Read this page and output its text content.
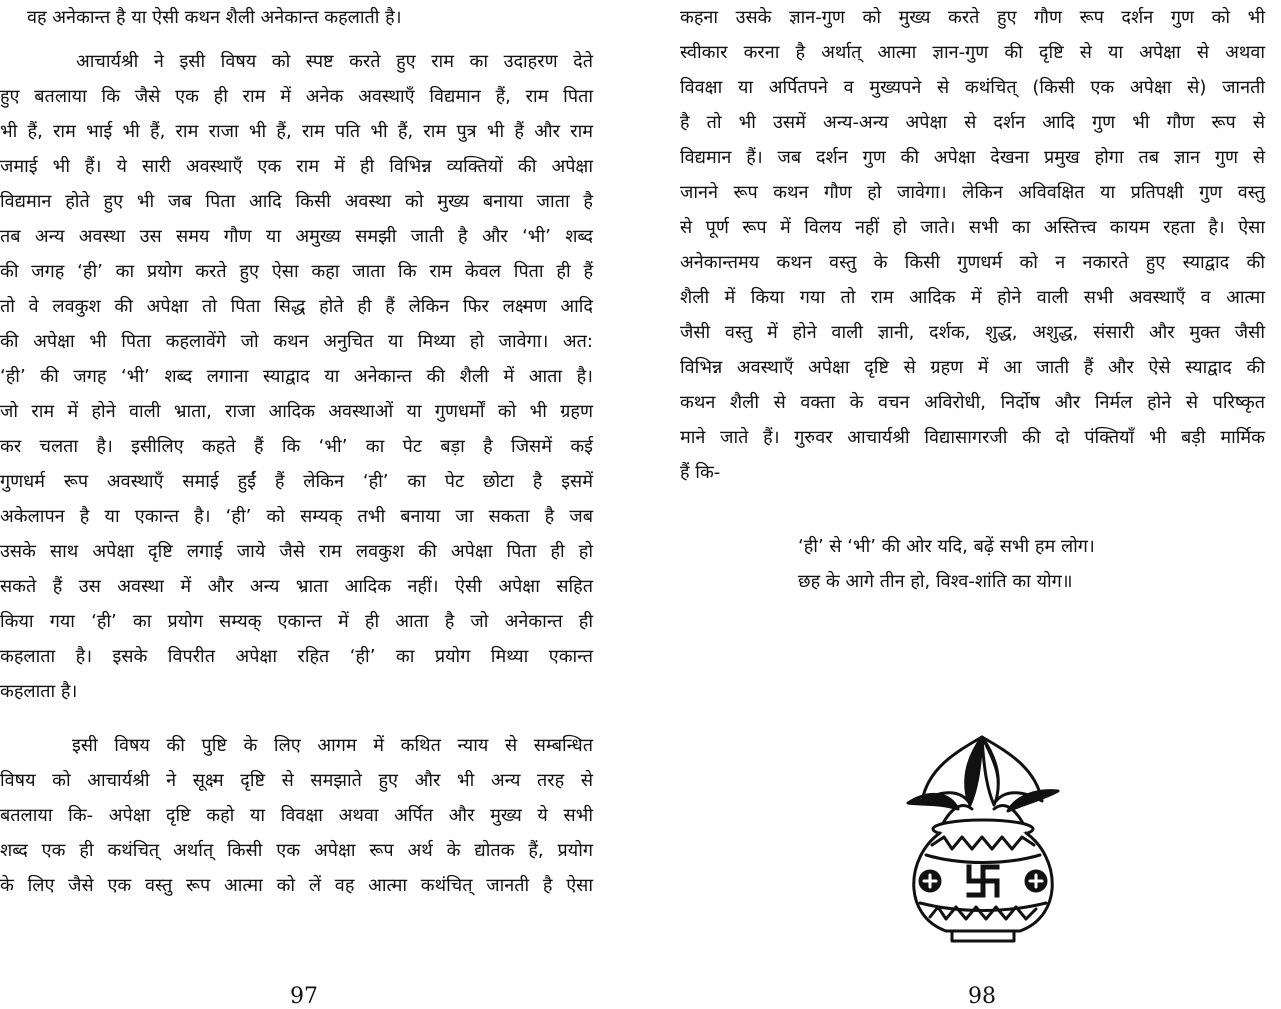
वह अनेकान्त है या ऐसी कथन शैली अनेकान्त कहलाती है।
आचार्यश्री ने इसी विषय को स्पष्ट करते हुए राम का उदाहरण देते
हुए बतलाया कि जैसे एक ही राम में अनेक अवस्थाएँ विद्यमान हैं, राम पिता
भी हैं, राम भाई भी हैं, राम राजा भी हैं, राम पति भी हैं, राम पुत्र भी हैं और राम
जमाई भी हैं। ये सारी अवस्थाएँ एक राम में ही विभिन्न व्यक्तियों की अपेक्षा
विद्यमान होते हुए भी जब पिता आदि किसी अवस्था को मुख्य बनाया जाता है
तब अन्य अवस्था उस समय गौण या अमुख्य समझी जाती है और ‘भी’ शब्द
की जगह ‘ही’ का प्रयोग करते हुए ऐसा कहा जाता कि राम केवल पिता ही हैं
तो वे लवकुश की अपेक्षा तो पिता सिद्ध होते ही हैं लेकिन फिर लक्ष्मण आदि
की अपेक्षा भी पिता कहलावेंगे जो कथन अनुचित या मिथ्या हो जावेगा। अत:
‘ही’ की जगह ‘भी’ शब्द लगाना स्याद्वाद या अनेकान्त की शैली में आता है।
जो राम में होने वाली भ्राता, राजा आदिक अवस्थाओं या गुणधर्मों को भी ग्रहण
कर चलता है। इसीलिए कहते हैं कि ‘भी’ का पेट बड़ा है जिसमें कई
गुणधर्म रूप अवस्थाएँ समाई हुईं हैं लेकिन ‘ही’ का पेट छोटा है इसमें
अकेलापन है या एकान्त है। ‘ही’ को सम्यक् तभी बनाया जा सकता है जब
उसके साथ अपेक्षा दृष्टि लगाई जाये जैसे राम लवकुश की अपेक्षा पिता ही हो
सकते हैं उस अवस्था में और अन्य भ्राता आदिक नहीं। ऐसी अपेक्षा सहित
किया गया ‘ही’ का प्रयोग सम्यक् एकान्त में ही आता है जो अनेकान्त ही
कहलाता है। इसके विपरीत अपेक्षा रहित ‘ही’ का प्रयोग मिथ्या एकान्त
कहलाता है।
इसी विषय की पुष्टि के लिए आगम में कथित न्याय से सम्बन्धित
विषय को आचार्यश्री ने सूक्ष्म दृष्टि से समझाते हुए और भी अन्य तरह से
बतलाया कि- अपेक्षा दृष्टि कहो या विवक्षा अथवा अर्पित और मुख्य ये सभी
शब्द एक ही कथंचित् अर्थात् किसी एक अपेक्षा रूप अर्थ के द्योतक हैं, प्रयोग
के लिए जैसे एक वस्तु रूप आत्मा को लें वह आत्मा कथंचित् जानती है ऐसा
97
कहना उसके ज्ञान-गुण को मुख्य करते हुए गौण रूप दर्शन गुण को भी
स्वीकार करना है अर्थात् आत्मा ज्ञान-गुण की दृष्टि से या अपेक्षा से अथवा
विवक्षा या अर्पितपने व मुख्यपने से कथंचित् (किसी एक अपेक्षा से) जानती
है तो भी उसमें अन्य-अन्य अपेक्षा से दर्शन आदि गुण भी गौण रूप से
विद्यमान हैं। जब दर्शन गुण की अपेक्षा देखना प्रमुख होगा तब ज्ञान गुण से
जानने रूप कथन गौण हो जावेगा। लेकिन अविवक्षित या प्रतिपक्षी गुण वस्तु
से पूर्ण रूप में विलय नहीं हो जाते। सभी का अस्तित्त्व कायम रहता है। ऐसा
अनेकान्तमय कथन वस्तु के किसी गुणधर्म को न नकारते हुए स्याद्वाद की
शैली में किया गया तो राम आदिक में होने वाली सभी अवस्थाएँ व आत्मा
जैसी वस्तु में होने वाली ज्ञानी, दर्शक, शुद्ध, अशुद्ध, संसारी और मुक्त जैसी
विभिन्न अवस्थाएँ अपेक्षा दृष्टि से ग्रहण में आ जाती हैं और ऐसे स्याद्वाद की
कथन शैली से वक्ता के वचन अविरोधी, निर्दोष और निर्मल होने से परिष्कृत
माने जाते हैं। गुरुवर आचार्यश्री विद्यासागरजी की दो पंक्तियाँ भी बड़ी मार्मिक
हैं कि-
‘ही’ से ‘भी’ की ओर यदि, बढ़ें सभी हम लोग।
छह के आगे तीन हो, विश्व-शांति का योग॥
98
